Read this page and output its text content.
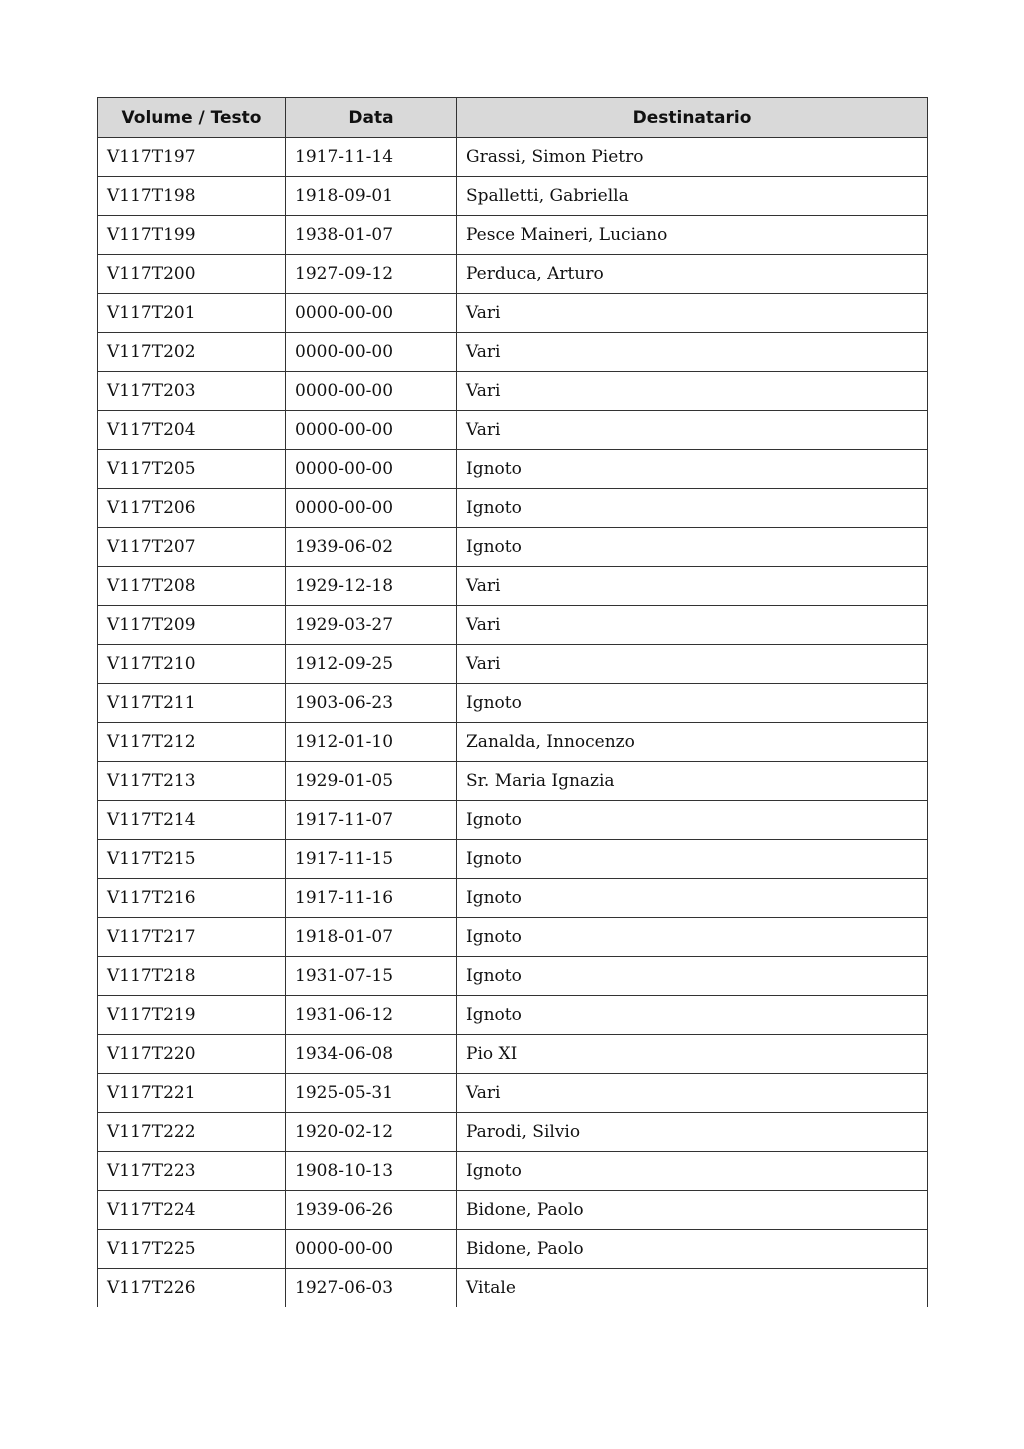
Volume / Testo	Data	Destinatario
V117T197	1917-11-14	Grassi, Simon Pietro
V117T198	1918-09-01	Spalletti, Gabriella
V117T199	1938-01-07	Pesce Maineri, Luciano
V117T200	1927-09-12	Perduca, Arturo
V117T201	0000-00-00	Vari
V117T202	0000-00-00	Vari
V117T203	0000-00-00	Vari
V117T204	0000-00-00	Vari
V117T205	0000-00-00	Ignoto
V117T206	0000-00-00	Ignoto
V117T207	1939-06-02	Ignoto
V117T208	1929-12-18	Vari
V117T209	1929-03-27	Vari
V117T210	1912-09-25	Vari
V117T211	1903-06-23	Ignoto
V117T212	1912-01-10	Zanalda, Innocenzo
V117T213	1929-01-05	Sr. Maria Ignazia
V117T214	1917-11-07	Ignoto
V117T215	1917-11-15	Ignoto
V117T216	1917-11-16	Ignoto
V117T217	1918-01-07	Ignoto
V117T218	1931-07-15	Ignoto
V117T219	1931-06-12	Ignoto
V117T220	1934-06-08	Pio XI
V117T221	1925-05-31	Vari
V117T222	1920-02-12	Parodi, Silvio
V117T223	1908-10-13	Ignoto
V117T224	1939-06-26	Bidone, Paolo
V117T225	0000-00-00	Bidone, Paolo
V117T226	1927-06-03	Vitale
